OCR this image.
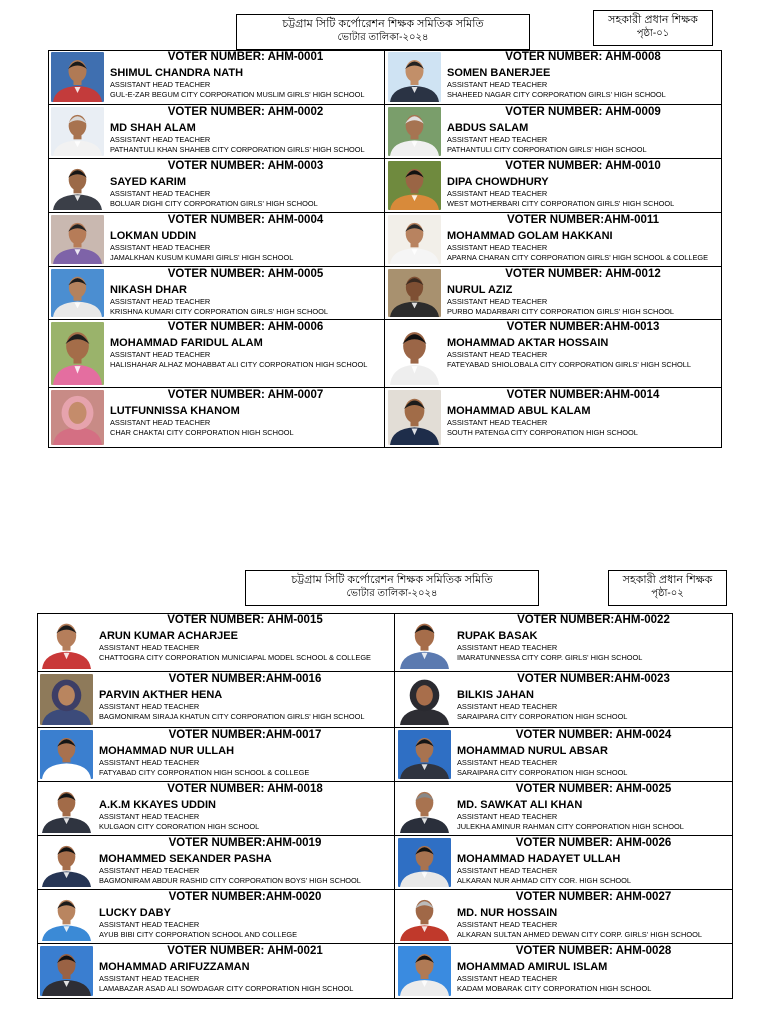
চট্টগ্রাম সিটি কর্পোরেশন শিক্ষক সমিতিক সমিতি
ভোটার তালিকা-২০২৪
সহকারী প্রধান শিক্ষক
পৃষ্ঠা-০১
চট্টগ্রাম সিটি কর্পোরেশন শিক্ষক সমিতিক সমিতি
ভোটার তালিকা-২০২৪
সহকারী প্রধান শিক্ষক
পৃষ্ঠা-০২
VOTER NUMBER: AHM-0001
SHIMUL CHANDRA NATH
ASSISTANT HEAD TEACHER
GUL-E-ZAR BEGUM CITY CORPORATION MUSLIM GIRLS' HIGH SCHOOL
VOTER NUMBER: AHM-0002
MD SHAH ALAM
ASSISTANT HEAD TEACHER
PATHANTULI KHAN SHAHEB CITY CORPORATION GIRLS' HIGH SCHOOL
VOTER NUMBER: AHM-0003
SAYED KARIM
ASSISTANT HEAD TEACHER
BOLUAR DIGHI CITY CORPORATION GIRLS' HIGH SCHOOL
VOTER NUMBER: AHM-0004
LOKMAN UDDIN
ASSISTANT HEAD TEACHER
JAMALKHAN KUSUM KUMARI GIRLS' HIGH SCHOOL
VOTER NUMBER: AHM-0005
NIKASH DHAR
ASSISTANT HEAD TEACHER
KRISHNA KUMARI CITY CORPORATION GIRLS' HIGH SCHOOL
VOTER NUMBER: AHM-0006
MOHAMMAD FARIDUL ALAM
ASSISTANT HEAD TEACHER
HALISHAHAR ALHAZ MOHABBAT ALI CITY CORPORATION HIGH SCHOOL
VOTER NUMBER: AHM-0007
LUTFUNNISSA KHANOM
ASSISTANT HEAD TEACHER
CHAR CHAKTAI CITY CORPORATION HIGH SCHOOL
VOTER NUMBER: AHM-0008
SOMEN BANERJEE
ASSISTANT HEAD TEACHER
SHAHEED NAGAR CITY CORPORATION GIRLS' HIGH SCHOOL
VOTER NUMBER: AHM-0009
ABDUS SALAM
ASSISTANT HEAD TEACHER
PATHANTULI CITY CORPORATION GIRLS' HIGH SCHOOL
VOTER NUMBER: AHM-0010
DIPA CHOWDHURY
ASSISTANT HEAD TEACHER
WEST MOTHERBARI CITY CORPORATION GIRLS' HIGH SCHOOL
VOTER NUMBER:AHM-0011
MOHAMMAD GOLAM HAKKANI
ASSISTANT HEAD TEACHER
APARNA CHARAN CITY CORPORATION GIRLS' HIGH SCHOOL & COLLEGE
VOTER NUMBER: AHM-0012
NURUL AZIZ
ASSISTANT HEAD TEACHER
PURBO MADARBARI CITY CORPORATION GIRLS' HIGH SCHOOL
VOTER NUMBER:AHM-0013
MOHAMMAD AKTAR HOSSAIN
ASSISTANT HEAD TEACHER
FATEYABAD SHIOLOBALA CITY CORPORATION GIRLS' HIGH SCHOLL
VOTER NUMBER:AHM-0014
MOHAMMAD ABUL KALAM
ASSISTANT HEAD TEACHER
SOUTH PATENGA CITY CORPORATION HIGH SCHOOL
VOTER NUMBER: AHM-0015
ARUN KUMAR ACHARJEE
ASSISTANT HEAD TEACHER
CHATTOGRA CITY CORPORATION MUNICIAPAL MODEL SCHOOL & COLLEGE
VOTER NUMBER:AHM-0016
PARVIN AKTHER HENA
ASSISTANT HEAD TEACHER
BAGMONIRAM SIRAJA KHATUN CITY CORPORATION GIRLS' HIGH SCHOOL
VOTER NUMBER:AHM-0017
MOHAMMAD NUR ULLAH
ASSISTANT HEAD TEACHER
FATYABAD CITY CORPORATION HIGH SCHOOL & COLLEGE
VOTER NUMBER: AHM-0018
A.K.M KKAYES UDDIN
ASSISTANT HEAD TEACHER
KULGAON CITY CORORATION HIGH SCHOOL
VOTER NUMBER:AHM-0019
MOHAMMED SEKANDER PASHA
ASSISTANT HEAD TEACHER
BAGMONIRAM ABDUR RASHID CITY CORPORATION BOYS' HIGH SCHOOL
VOTER NUMBER:AHM-0020
LUCKY DABY
ASSISTANT HEAD TEACHER
AYUB BIBI CITY CORPORATION SCHOOL AND COLLEGE
VOTER NUMBER: AHM-0021
MOHAMMAD ARIFUZZAMAN
ASSISTANT HEAD TEACHER
LAMABAZAR ASAD ALI SOWDAGAR CITY CORPORATION HIGH SCHOOL
VOTER NUMBER:AHM-0022
RUPAK BASAK
ASSISTANT HEAD TEACHER
IMARATUNNESSA CITY CORP. GIRLS' HIGH SCHOOL
VOTER NUMBER:AHM-0023
BILKIS JAHAN
ASSISTANT HEAD TEACHER
SARAIPARA CITY CORPORATION HIGH SCHOOL
VOTER NUMBER: AHM-0024
MOHAMMAD NURUL ABSAR
ASSISTANT HEAD TEACHER
SARAIPARA CITY CORPORATION HIGH SCHOOL
VOTER NUMBER: AHM-0025
MD. SAWKAT ALI KHAN
ASSISTANT HEAD TEACHER
JULEKHA AMINUR RAHMAN CITY CORPORATION HIGH SCHOOL
VOTER NUMBER: AHM-0026
MOHAMMAD HADAYET ULLAH
ASSISTANT HEAD TEACHER
ALKARAN NUR AHMAD CITY COR. HIGH SCHOOL
VOTER NUMBER: AHM-0027
MD. NUR HOSSAIN
ASSISTANT HEAD TEACHER
ALKARAN SULTAN AHMED DEWAN CITY CORP. GIRLS' HIGH SCHOOL
VOTER NUMBER: AHM-0028
MOHAMMAD AMIRUL ISLAM
ASSISTANT HEAD TEACHER
KADAM MOBARAK CITY CORPORATION HIGH SCHOOL
